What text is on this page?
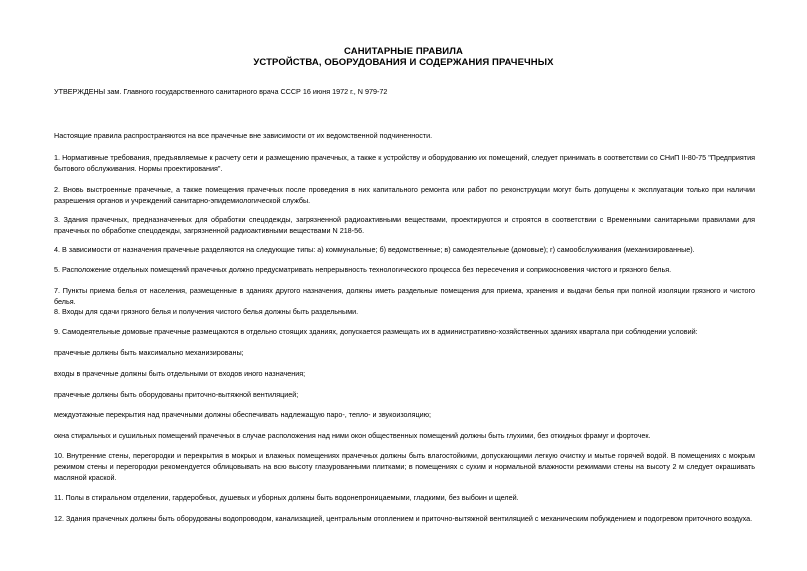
САНИТАРНЫЕ ПРАВИЛА
УСТРОЙСТВА, ОБОРУДОВАНИЯ И СОДЕРЖАНИЯ ПРАЧЕЧНЫХ
УТВЕРЖДЕНЫ зам. Главного государственного санитарного врача СССР 16 июня 1972 г., N 979-72
Настоящие правила распространяются на все прачечные вне зависимости от их ведомственной подчиненности.
1. Нормативные требования, предъявляемые к расчету сети и размещению прачечных, а также к устройству и оборудованию их помещений, следует принимать в соответствии со СНиП II-80-75 "Предприятия бытового обслуживания. Нормы проектирования".
2. Вновь выстроенные прачечные, а также помещения прачечных после проведения в них капитального ремонта или работ по реконструкции могут быть допущены к эксплуатации только при наличии разрешения органов и учреждений санитарно-эпидемиологической службы.
3. Здания прачечных, предназначенных для обработки спецодежды, загрязненной радиоактивными веществами, проектируются и строятся в соответствии с Временными санитарными правилами для прачечных по обработке спецодежды, загрязненной радиоактивными веществами N 218-56.
4. В зависимости от назначения прачечные разделяются на следующие типы: а) коммунальные; б) ведомственные; в) самодеятельные (домовые); г) самообслуживания (механизированные).
5. Расположение отдельных помещений прачечных должно предусматривать непрерывность технологического процесса без пересечения и соприкосновения чистого и грязного белья.
7. Пункты приема белья от населения, размещенные в зданиях другого назначения, должны иметь раздельные помещения для приема, хранения и выдачи белья при полной изоляции грязного и чистого белья.
8. Входы для сдачи грязного белья и получения чистого белья должны быть раздельными.
9. Самодеятельные домовые прачечные размещаются в отдельно стоящих зданиях, допускается размещать их в административно-хозяйственных зданиях квартала при соблюдении условий:
прачечные должны быть максимально механизированы;
входы в прачечные должны быть отдельными от входов иного назначения;
прачечные должны быть оборудованы приточно-вытяжной вентиляцией;
междуэтажные перекрытия над прачечными должны обеспечивать надлежащую паро-, тепло- и звукоизоляцию;
окна стиральных и сушильных помещений прачечных в случае расположения над ними окон общественных помещений должны быть глухими, без откидных фрамуг и форточек.
10. Внутренние стены, перегородки и перекрытия в мокрых и влажных помещениях прачечных должны быть влагостойкими, допускающими легкую очистку и мытье горячей водой. В помещениях с мокрым режимом стены и перегородки рекомендуется облицовывать на всю высоту глазурованными плитками; в помещениях с сухим и нормальной влажности режимами стены на высоту 2 м следует окрашивать масляной краской.
11. Полы в стиральном отделении, гардеробных, душевых и уборных должны быть водонепроницаемыми, гладкими, без выбоин и щелей.
12. Здания прачечных должны быть оборудованы водопроводом, канализацией, центральным отоплением и приточно-вытяжной вентиляцией с механическим побуждением и подогревом приточного воздуха.
